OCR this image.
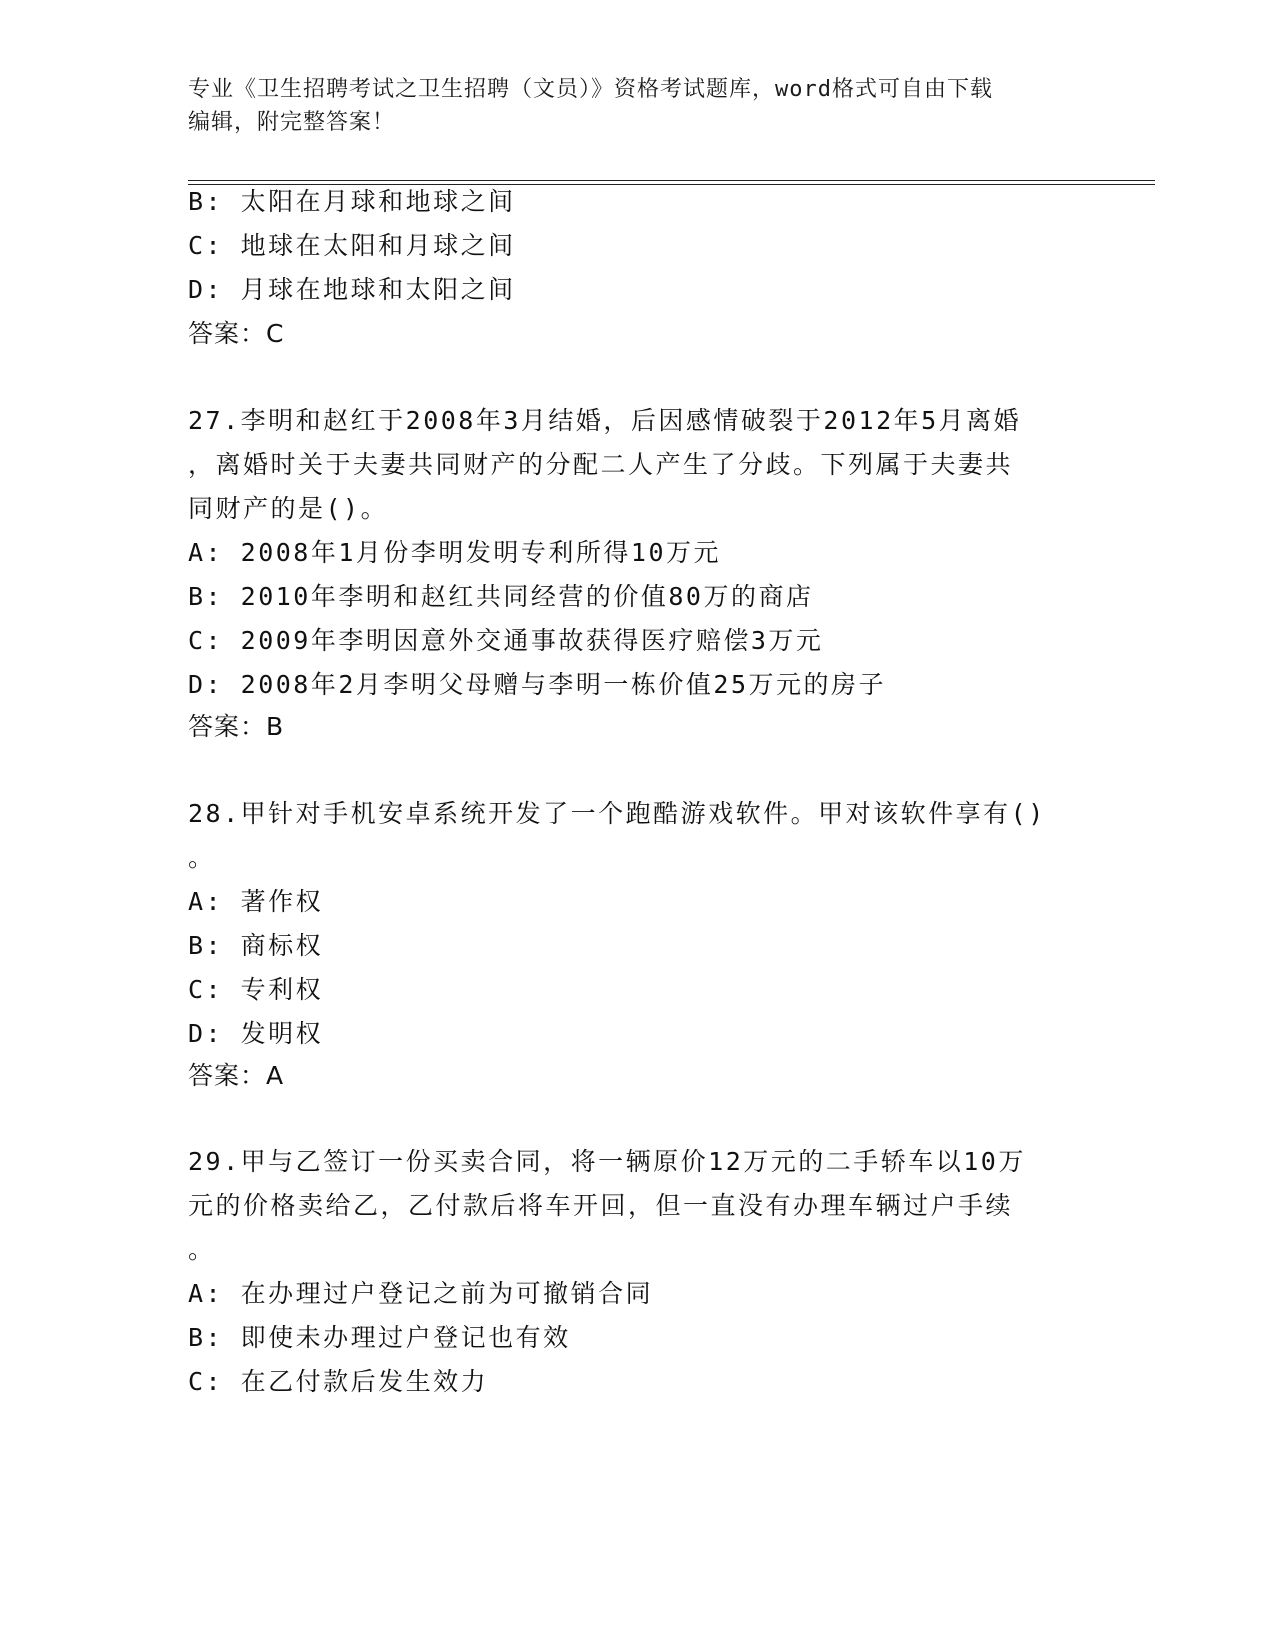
专业《卫生招聘考试之卫生招聘（文员）》资格考试题库，word格式可自由下载
编辑，附完整答案！
B: 太阳在月球和地球之间
C: 地球在太阳和月球之间
D: 月球在地球和太阳之间
答案：C
27.李明和赵红于2008年3月结婚，后因感情破裂于2012年5月离婚
，离婚时关于夫妻共同财产的分配二人产生了分歧。下列属于夫妻共
同财产的是()。
A: 2008年1月份李明发明专利所得10万元
B: 2010年李明和赵红共同经营的价值80万的商店
C: 2009年李明因意外交通事故获得医疗赔偿3万元
D: 2008年2月李明父母赠与李明一栋价值25万元的房子
答案：B
28.甲针对手机安卓系统开发了一个跑酷游戏软件。甲对该软件享有()
。
A: 著作权
B: 商标权
C: 专利权
D: 发明权
答案：A
29.甲与乙签订一份买卖合同，将一辆原价12万元的二手轿车以10万
元的价格卖给乙，乙付款后将车开回，但一直没有办理车辆过户手续
。
A: 在办理过户登记之前为可撤销合同
B: 即使未办理过户登记也有效
C: 在乙付款后发生效力
